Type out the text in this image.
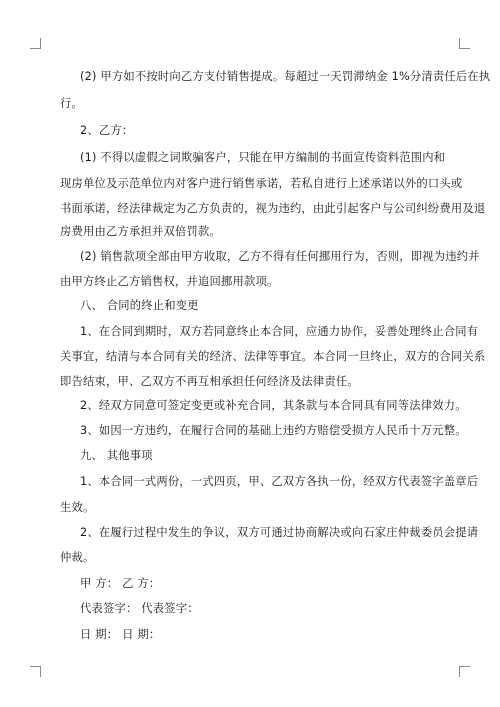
(2) 甲方如不按时向乙方支付销售提成。每超过一天罚滞纳金 1%分清责任后在执
行。
2、乙方：
(1) 不得以虚假之词欺骗客户，只能在甲方编制的书面宣传资料范围内和
现房单位及示范单位内对客户进行销售承诺，若私自进行上述承诺以外的口头或
书面承诺，经法律裁定为乙方负责的，视为违约，由此引起客户与公司纠纷费用及退
房费用由乙方承担并双倍罚款。
(2) 销售款项全部由甲方收取，乙方不得有任何挪用行为，否则，即视为违约并
由甲方终止乙方销售权，并追回挪用款项。
八、 合同的终止和变更
1、在合同到期时，双方若同意终止本合同，应通力协作，妥善处理终止合同有
关事宜，结清与本合同有关的经济、法律等事宜。本合同一旦终止，双方的合同关系
即告结束，甲、乙双方不再互相承担任何经济及法律责任。
2、经双方同意可签定变更或补充合同，其条款与本合同具有同等法律效力。
3、如因一方违约，在履行合同的基础上违约方赔偿受损方人民币十万元整。
九、 其他事项
1、本合同一式两份，一式四页，甲、乙双方各执一份，经双方代表签字盖章后
生效。
2、在履行过程中发生的争议，双方可通过协商解决或向石家庄仲裁委员会提请
仲裁。
甲 方： 乙 方：
代表签字： 代表签字：
日 期： 日 期：
